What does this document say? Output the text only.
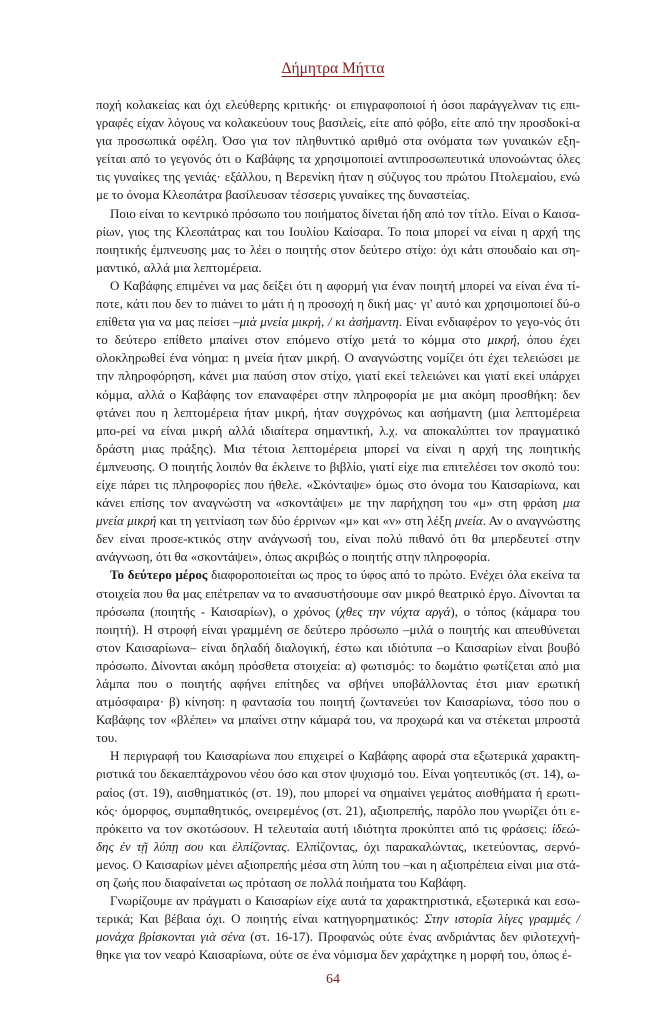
Δήμητρα Μήττα

ποχή κολακείας και όχι ελεύθερης κριτικής· οι επιγραφοποιοί ή όσοι παράγγελναν τις επι-γραφές είχαν λόγους να κολακεύουν τους βασιλείς, είτε από φόβο, είτε από την προσδοκί-α για προσωπικά οφέλη. Όσο για τον πληθυντικό αριθμό στα ονόματα των γυναικών εξη-γείται από το γεγονός ότι ο Καβάφης τα χρησιμοποιεί αντιπροσωπευτικά υπονοώντας όλες τις γυναίκες της γενιάς· εξάλλου, η Βερενίκη ήταν η σύζυγος του πρώτου Πτολεμαίου, ενώ με το όνομα Κλεοπάτρα βασίλευσαν τέσσερις γυναίκες της δυναστείας.

Ποιο είναι το κεντρικό πρόσωπο του ποιήματος δίνεται ήδη από τον τίτλο. Είναι ο Καισα-ρίων, γιος της Κλεοπάτρας και του Ιουλίου Καίσαρα. Το ποια μπορεί να είναι η αρχή της ποιητικής έμπνευσης μας το λέει ο ποιητής στον δεύτερο στίχο: όχι κάτι σπουδαίο και ση-μαντικό, αλλά μια λεπτομέρεια.

Ο Καβάφης επιμένει να μας δείξει ότι η αφορμή για έναν ποιητή μπορεί να είναι ένα τί-ποτε, κάτι που δεν το πιάνει το μάτι ή η προσοχή η δική μας· γι' αυτό και χρησιμοποιεί δύ-ο επίθετα για να μας πείσει –μιὰ μνεία μικρή, / κι ἀσήμαντη. Είναι ενδιαφέρον το γεγο-νός ότι το δεύτερο επίθετο μπαίνει στον επόμενο στίχο μετά το κόμμα στο μικρή, όπου έχει ολοκληρωθεί ένα νόημα: η μνεία ήταν μικρή. Ο αναγνώστης νομίζει ότι έχει τελειώσει με την πληροφόρηση, κάνει μια παύση στον στίχο, γιατί εκεί τελειώνει και γιατί εκεί υπάρχει κόμμα, αλλά ο Καβάφης τον επαναφέρει στην πληροφορία με μια ακόμη προσθήκη: δεν φτάνει που η λεπτομέρεια ήταν μικρή, ήταν συγχρόνως και ασήμαντη (μια λεπτομέρεια μπο-ρεί να είναι μικρή αλλά ιδιαίτερα σημαντική, λ.χ. να αποκαλύπτει τον πραγματικό δράστη μιας πράξης). Μια τέτοια λεπτομέρεια μπορεί να είναι η αρχή της ποιητικής έμπνευσης. Ο ποιητής λοιπόν θα έκλεινε το βιβλίο, γιατί είχε πια επιτελέσει τον σκοπό του: είχε πάρει τις πληροφορίες που ήθελε. «Σκόνταψε» όμως στο όνομα του Καισαρίωνα, και κάνει επίσης τον αναγνώστη να «σκοντάψει» με την παρήχηση του «μ» στη φράση μια μνεία μικρή και τη γειτνίαση των δύο έρρινων «μ» και «ν» στη λέξη μνεία. Αν ο αναγνώστης δεν είναι προσε-κτικός στην ανάγνωσή του, είναι πολύ πιθανό ότι θα μπερδευτεί στην ανάγνωση, ότι θα «σκοντάψει», όπως ακριβώς ο ποιητής στην πληροφορία.

Το δεύτερο μέρος διαφοροποιείται ως προς το ύφος από το πρώτο. Ενέχει όλα εκείνα τα στοιχεία που θα μας επέτρεπαν να το ανασυστήσουμε σαν μικρό θεατρικό έργο. Δίνονται τα πρόσωπα (ποιητής - Καισαρίων), ο χρόνος (χθες την νύχτα αργά), ο τόπος (κάμαρα του ποιητή). Η στροφή είναι γραμμένη σε δεύτερο πρόσωπο –μιλά ο ποιητής και απευθύνεται στον Καισαρίωνα– είναι δηλαδή διαλογική, έστω και ιδιότυπα –ο Καισαρίων είναι βουβό πρόσωπο. Δίνονται ακόμη πρόσθετα στοιχεία: α) φωτισμός: το δωμάτιο φωτίζεται από μια λάμπα που ο ποιητής αφήνει επίτηδες να σβήνει υποβάλλοντας έτσι μιαν ερωτική ατμόσφαιρα· β) κίνηση: η φαντασία του ποιητή ζωντανεύει τον Καισαρίωνα, τόσο που ο Καβάφης τον «βλέπει» να μπαίνει στην κάμαρά του, να προχωρά και να στέκεται μπροστά του.

Η περιγραφή του Καισαρίωνα που επιχειρεί ο Καβάφης αφορά στα εξωτερικά χαρακτη-ριστικά του δεκαεπτάχρονου νέου όσο και στον ψυχισμό του. Είναι γοητευτικός (στ. 14), ω-ραίος (στ. 19), αισθηματικός (στ. 19), που μπορεί να σημαίνει γεμάτος αισθήματα ή ερωτι-κός· όμορφος, συμπαθητικός, ονειρεμένος (στ. 21), αξιοπρεπής, παρόλο που γνωρίζει ότι ε-πρόκειτο να τον σκοτώσουν. Η τελευταία αυτή ιδιότητα προκύπτει από τις φράσεις: ἰδεώ-δης ἐν τῇ λύπῃ σου και ἐλπίζοντας. Ελπίζοντας, όχι παρακαλώντας, ικετεύοντας, σερνό-μενος. Ο Καισαρίων μένει αξιοπρεπής μέσα στη λύπη του –και η αξιοπρέπεια είναι μια στά-ση ζωής που διαφαίνεται ως πρόταση σε πολλά ποιήματα του Καβάφη.

Γνωρίζουμε αν πράγματι ο Καισαρίων είχε αυτά τα χαρακτηριστικά, εξωτερικά και εσω-τερικά; Και βέβαια όχι. Ο ποιητής είναι κατηγορηματικός: Στην ιστορία λίγες γραμμές / μονάχα βρίσκονται γιὰ σένα (στ. 16-17). Προφανώς ούτε ένας ανδριάντας δεν φιλοτεχνή-θηκε για τον νεαρό Καισαρίωνα, ούτε σε ένα νόμισμα δεν χαράχτηκε η μορφή του, όπως έ-

64
